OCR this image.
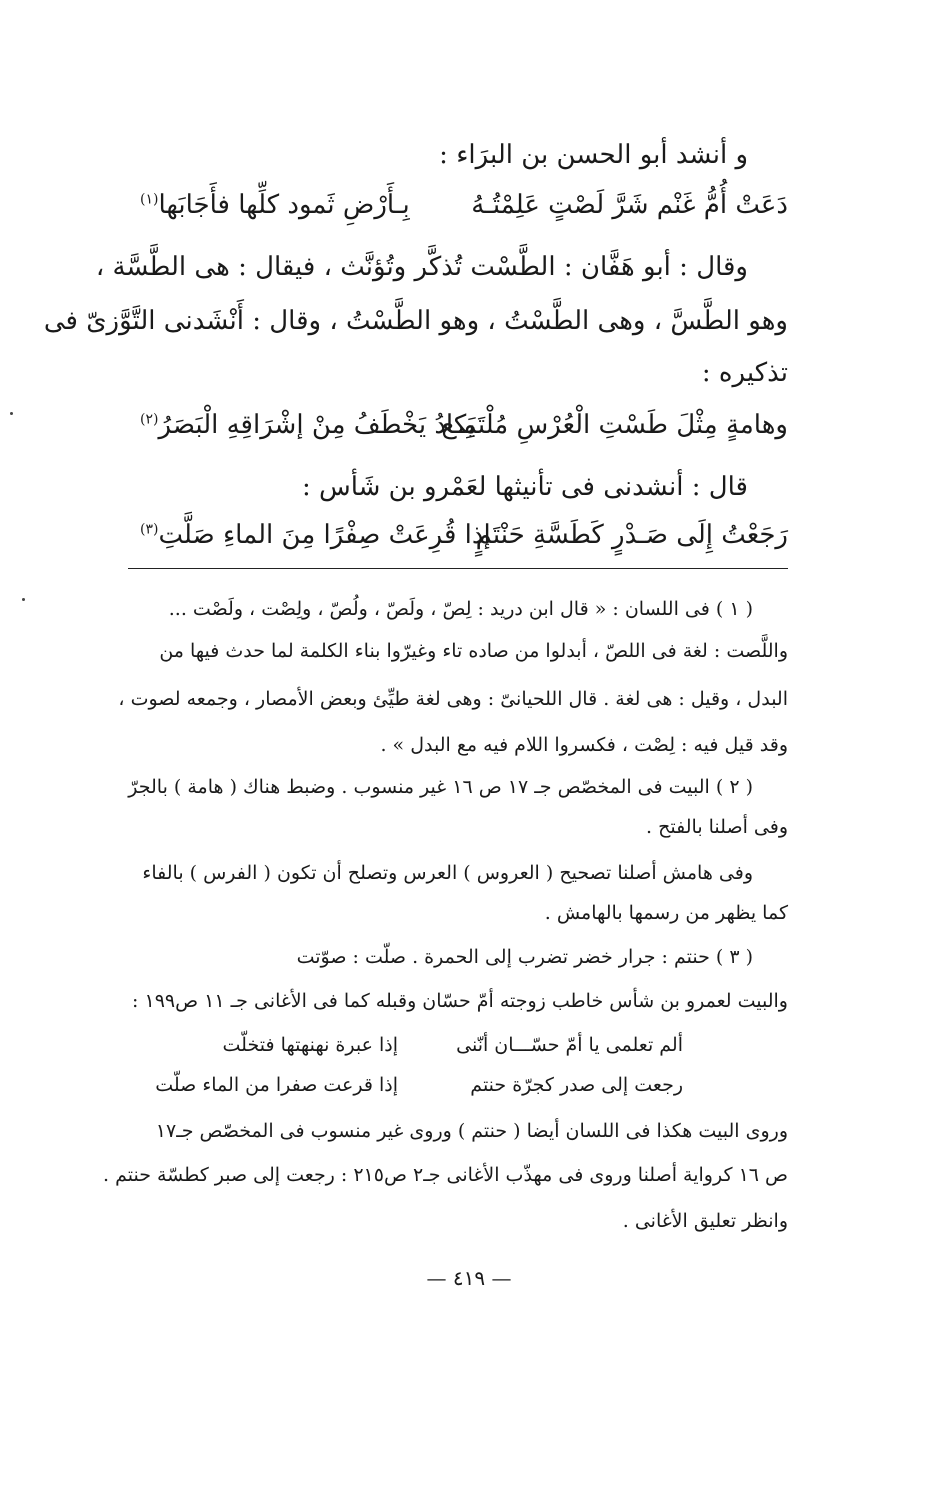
و أنشد أبو الحسن بن البرَاء :
دَعَتْ أُمُّ غَنْم شَرَّ لَصْتٍ عَلِمْتُـهُ
بِـأَرْضِ ثَمود كلِّها فأَجَابَها$^{(١)}$
وقال : أبو هَفَّان : الطَّسْت تُذكَّر وتُؤنَّث ، فيقال : هى الطَّسَّة ،
وهو الطَّسَّ ، وهى الطَّسْتُ ، وهو الطَّسْتُ ، وقال : أَنْشَدنى التَّوَّزىّ فى
تذكيره :
وهامةٍ مِثْلَ طَسْتِ الْعُرْسِ مُلْتَمِـع
يَكادُ يَخْطَفُ مِنْ إشْرَاقِهِ الْبَصَرُ$^{(٢)}$
قال : أنشدنى فى تأنيثها لعَمْرو بن شَأس :
رَجَعْتُ إِلَى صَـدْرٍ كَطَسَّةِ حَنْتَمٍ
إذا قُرِعَتْ صِفْرًا مِنَ الماءِ صَلَّتِ$^{(٣)}$
( ١ ) فى اللسان : « قال ابن دريد : لِصّ ، ولَصّ ، ولُصّ ، ولِصْت ، ولَصْت ...
واللَّصت : لغة فى اللصّ ، أبدلوا من صاده تاء وغيرّوا بناء الكلمة لما حدث فيها من
البدل ، وقيل : هى لغة . قال اللحيانىّ : وهى لغة طيِّئ وبعض الأمصار ، وجمعه لصوت ،
وقد قيل فيه : لِصْت ، فكسروا اللام فيه مع البدل » .
( ٢ ) البيت فى المخصّص جـ ١٧ ص ١٦ غير منسوب . وضبط هناك ( هامة ) بالجرّ
وفى أصلنا بالفتح .
وفى هامش أصلنا تصحيح ( العروس ) العرس وتصلح أن تكون ( الفرس ) بالفاء
كما يظهر من رسمها بالهامش .
( ٣ ) حنتم : جرار خضر تضرب إلى الحمرة . صلّت : صوّتت
والبيت لعمرو بن شأس خاطب زوجته أمّ حسّان وقبله كما فى الأغانى جـ ١١ ص١٩٩ :
ألم تعلمى يا أمّ حسّـــان أنّنى
إذا عبرة نهنهتها فتخلّت
رجعت إلى صدر كجرّة حنتم
إذا قرعت صفرا من الماء صلّت
وروى البيت هكذا فى اللسان أيضا ( حنتم ) وروى غير منسوب فى المخصّص جـ١٧
ص ١٦ كرواية أصلنا وروى فى مهذّب الأغانى جـ٢ ص٢١٥ : رجعت إلى صبر كطسّة حنتم .
وانظر تعليق الأغانى .
— ٤١٩ —
